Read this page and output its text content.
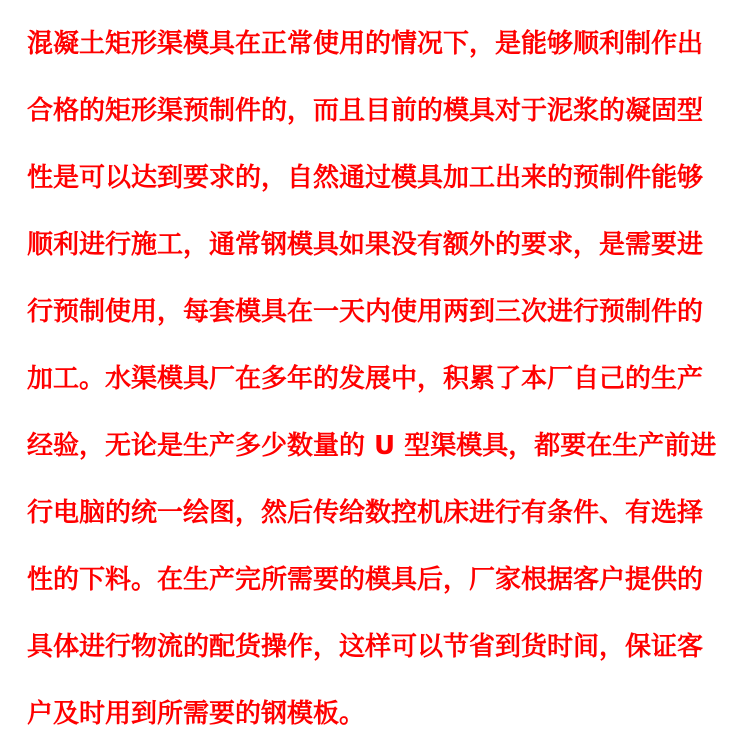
混凝土矩形渠模具在正常使用的情况下，是能够顺利制作出
合格的矩形渠预制件的，而且目前的模具对于泥浆的凝固型
性是可以达到要求的，自然通过模具加工出来的预制件能够
顺利进行施工，通常钢模具如果没有额外的要求，是需要进
行预制使用，每套模具在一天内使用两到三次进行预制件的
加工。水渠模具厂在多年的发展中，积累了本厂自己的生产
经验，无论是生产多少数量的 U 型渠模具，都要在生产前进
行电脑的统一绘图，然后传给数控机床进行有条件、有选择
性的下料。在生产完所需要的模具后，厂家根据客户提供的
具体进行物流的配货操作，这样可以节省到货时间，保证客
户及时用到所需要的钢模板。
